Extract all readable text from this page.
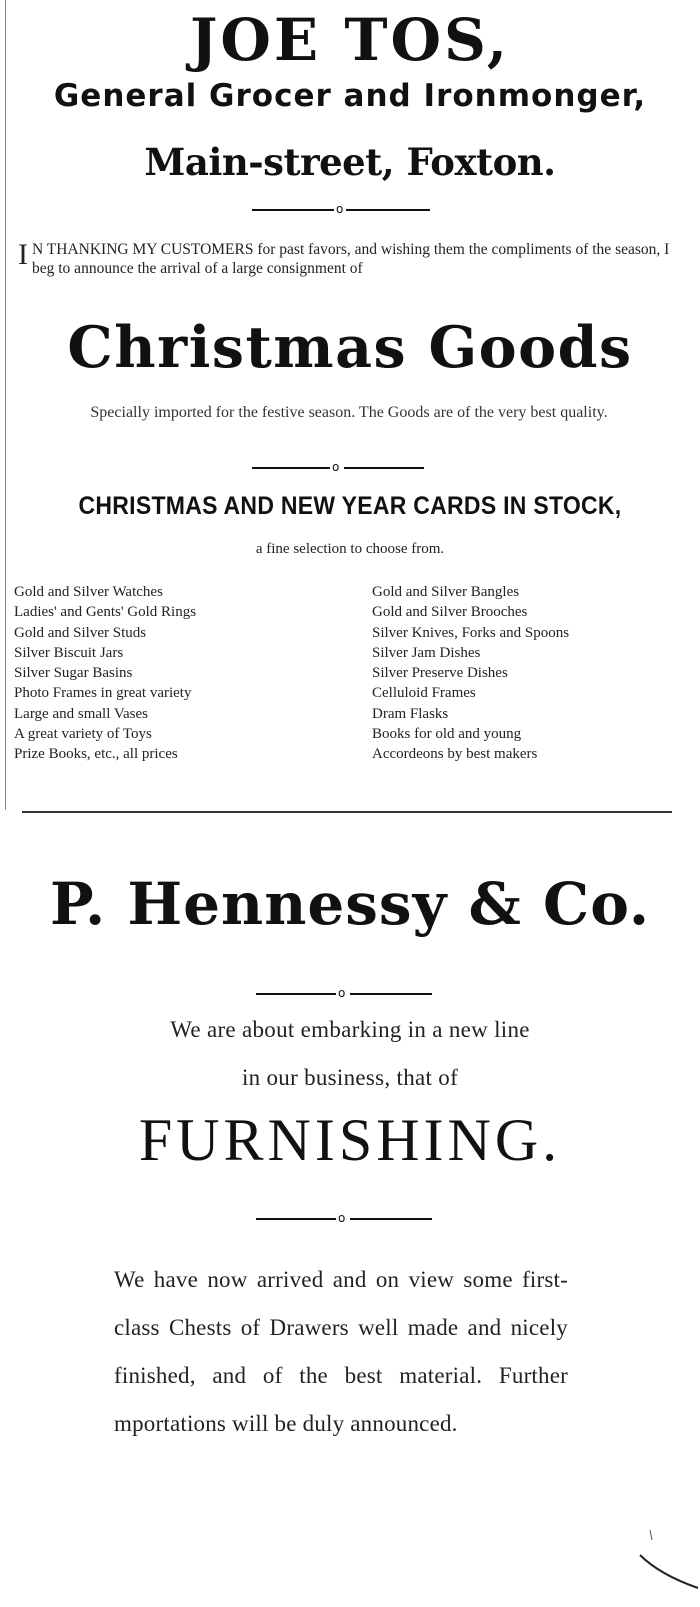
JOE TOS,
General Grocer and Ironmonger,
Main-street, Foxton.
o
I N THANKING MY CUSTOMERS for past favors, and wishing them the compliments of the season, I beg to announce the arrival of a large consignment of
Christmas Goods
Specially imported for the festive season. The Goods are of the very best quality.
o
CHRISTMAS AND NEW YEAR CARDS IN STOCK,
a fine selection to choose from.
Gold and Silver Watches
Ladies' and Gents' Gold Rings
Gold and Silver Studs
Silver Biscuit Jars
Silver Sugar Basins
Photo Frames in great variety
Large and small Vases
A great variety of Toys
Prize Books, etc., all prices
Gold and Silver Bangles
Gold and Silver Brooches
Silver Knives, Forks and Spoons
Silver Jam Dishes
Silver Preserve Dishes
Celluloid Frames
Dram Flasks
Books for old and young
Accordeons by best makers
P. Hennessy & Co.
o
We are about embarking in a new line
in our business, that of
FURNISHING.
o
We have now arrived and on view some first-class Chests of Drawers well made and nicely finished, and of the best material. Further mportations will be duly announced.
